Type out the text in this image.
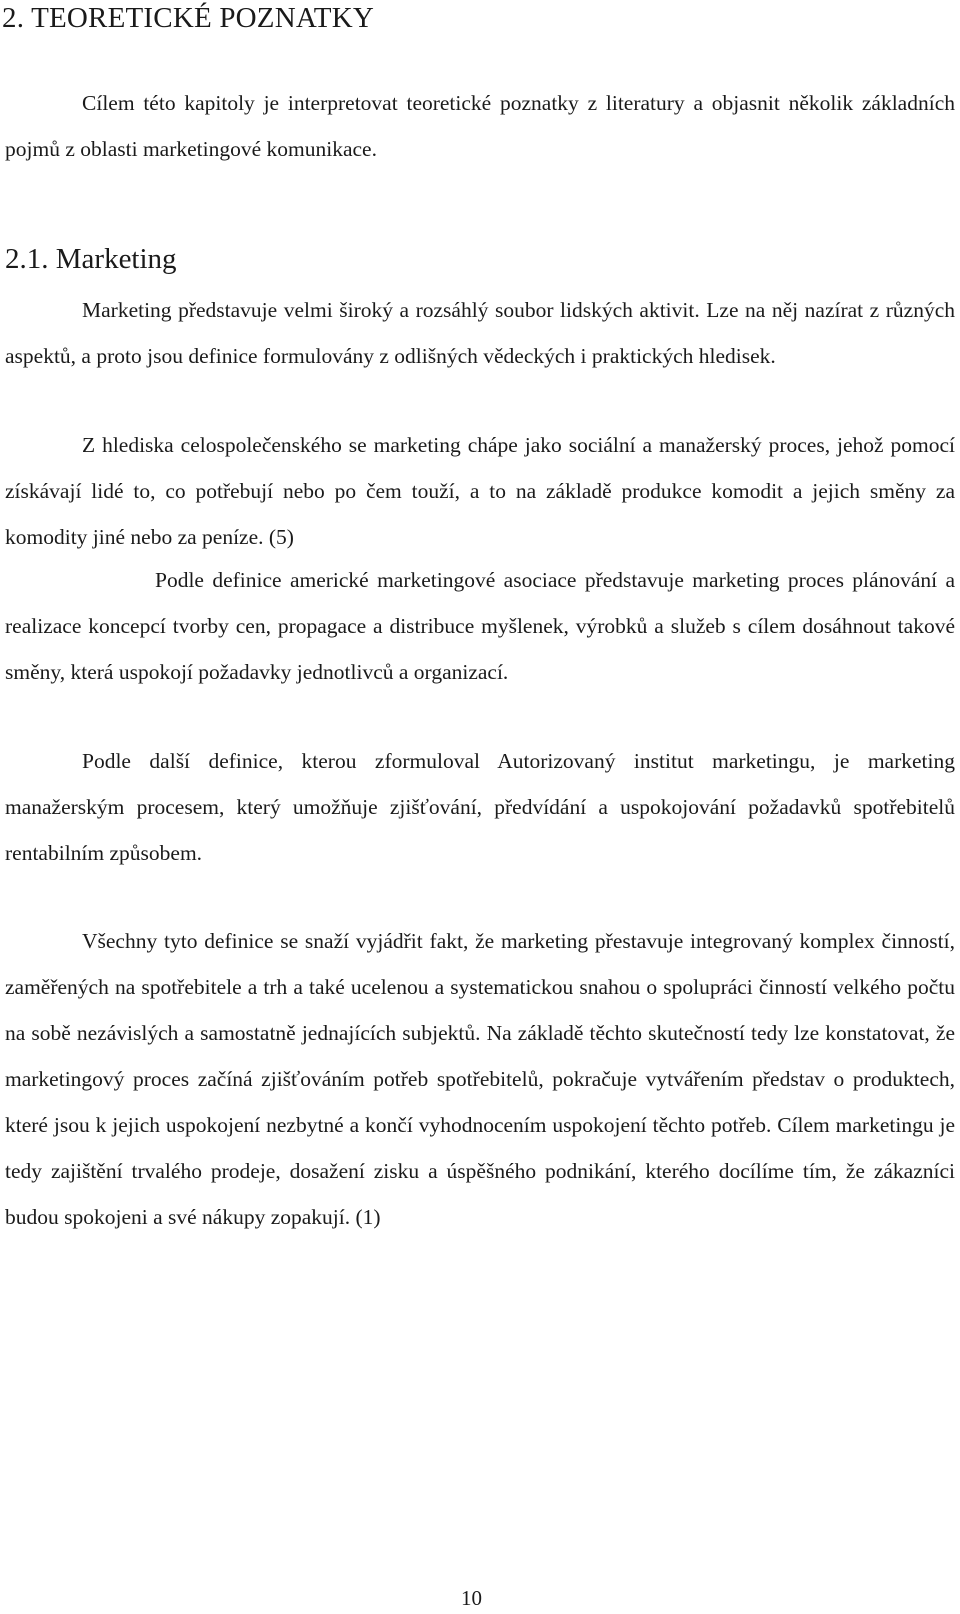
2. TEORETICKÉ POZNATKY

Cílem této kapitoly je interpretovat teoretické poznatky z literatury a objasnit několik základních pojmů z oblasti marketingové komunikace.

2.1. Marketing

Marketing představuje velmi široký a rozsáhlý soubor lidských aktivit. Lze na něj nazírat z různých aspektů, a proto jsou definice formulovány z odlišných vědeckých i praktických hledisek.

Z hlediska celospolečenského se marketing chápe jako sociální a manažerský proces, jehož pomocí získávají lidé to, co potřebují nebo po čem touží, a to na základě produkce komodit a jejich směny za komodity jiné nebo za peníze. (5)

Podle definice americké marketingové asociace představuje marketing proces plánování a realizace koncepcí tvorby cen, propagace a distribuce myšlenek, výrobků a služeb s cílem dosáhnout takové směny, která uspokojí požadavky jednotlivců a organizací.

Podle další definice, kterou zformuloval Autorizovaný institut marketingu, je marketing manažerským procesem, který umožňuje zjišťování, předvídání a uspokojování požadavků spotřebitelů rentabilním způsobem.

Všechny tyto definice se snaží vyjádřit fakt, že marketing přestavuje integrovaný komplex činností, zaměřených na spotřebitele a trh a také ucelenou a systematickou snahou o spolupráci činností velkého počtu na sobě nezávislých a samostatně jednajících subjektů. Na základě těchto skutečností tedy lze konstatovat, že marketingový proces začíná zjišťováním potřeb spotřebitelů, pokračuje vytvářením představ o produktech, které jsou k jejich uspokojení nezbytné a končí vyhodnocením uspokojení těchto potřeb. Cílem marketingu je tedy zajištění trvalého prodeje, dosažení zisku a úspěšného podnikání, kterého docílíme tím, že zákazníci budou spokojeni a své nákupy zopakují. (1)

10
